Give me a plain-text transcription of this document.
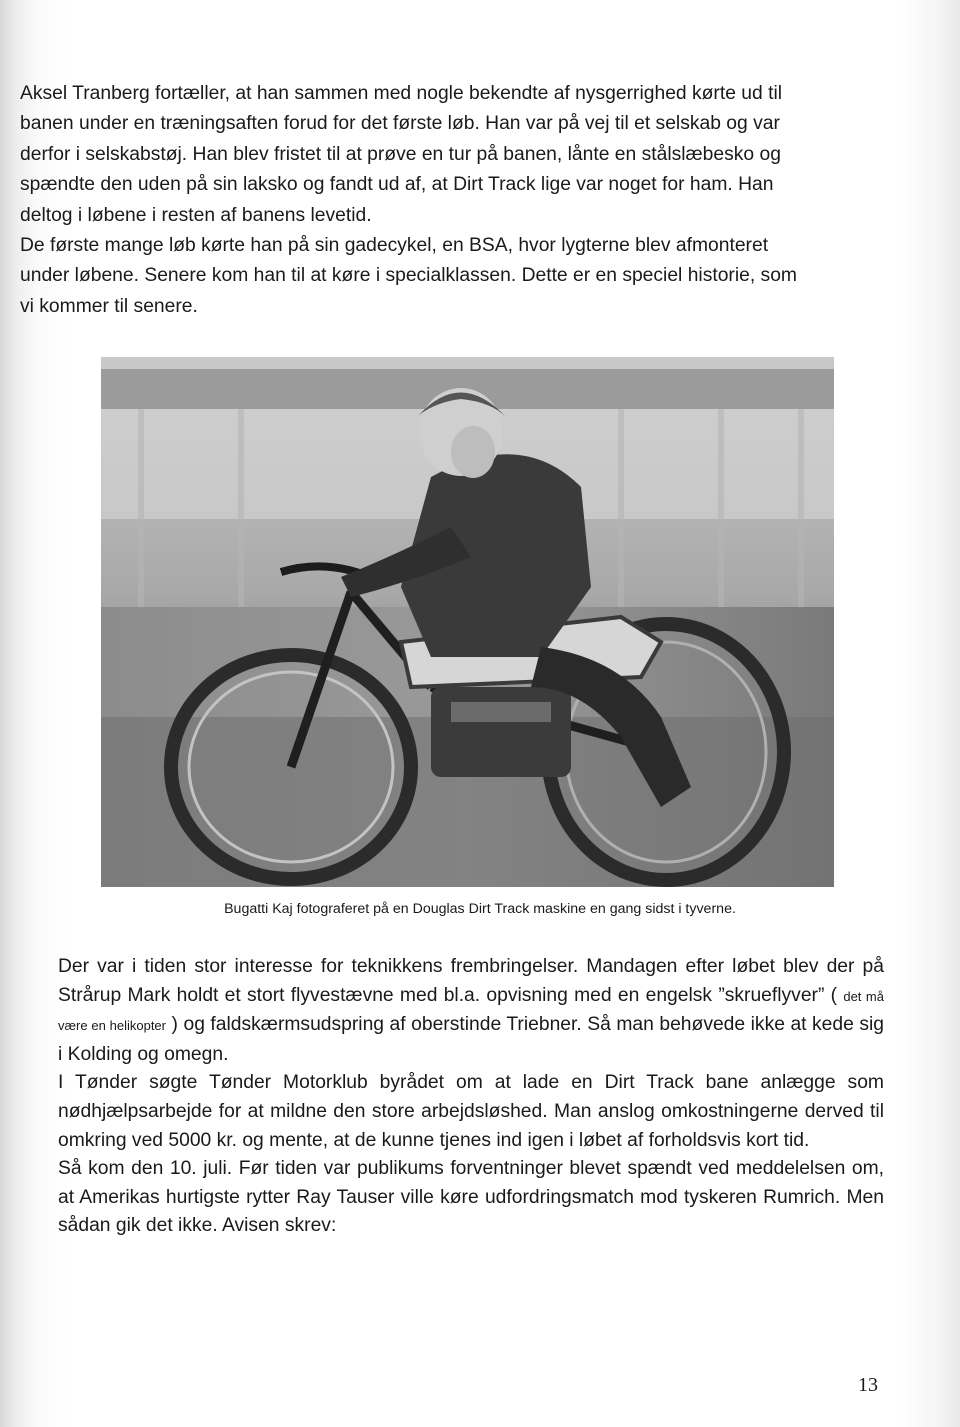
Aksel Tranberg fortæller, at han sammen med nogle bekendte af nysgerrighed kørte ud til

banen under en træningsaften forud for det første løb. Han var på vej til et selskab og var

derfor i selskabstøj. Han blev fristet til at prøve en tur på banen, lånte en stålslæbesko og

spændte den uden på sin laksko og fandt ud af, at Dirt Track lige var noget for ham. Han

deltog i løbene i resten af banens levetid.

De første mange løb kørte han på sin gadecykel, en BSA, hvor lygterne blev afmonteret

under løbene. Senere kom han til at køre i specialklassen. Dette er en speciel historie, som

vi kommer til senere.

Bugatti Kaj fotograferet på en Douglas Dirt Track maskine en gang sidst i tyverne.

Der var i tiden stor interesse for teknikkens frembringelser. Mandagen efter løbet blev der på Strårup Mark holdt et stort flyvestævne med bl.a. opvisning med en engelsk ”skrueflyver” ( det må være en helikopter ) og faldskærmsudspring af oberstinde Triebner. Så man behøvede ikke at kede sig i Kolding og omegn.

I Tønder søgte Tønder Motorklub byrådet om at lade en Dirt Track bane anlægge som nødhjælpsarbejde for at mildne den store arbejdsløshed. Man anslog omkostningerne derved til omkring ved 5000 kr. og mente, at de kunne tjenes ind igen i løbet af forholdsvis kort tid.

Så kom den 10. juli. Før tiden var publikums forventninger blevet spændt ved meddelelsen om, at Amerikas hurtigste rytter Ray Tauser ville køre udfordringsmatch mod tyskeren Rumrich. Men sådan gik det ikke. Avisen skrev:

13
